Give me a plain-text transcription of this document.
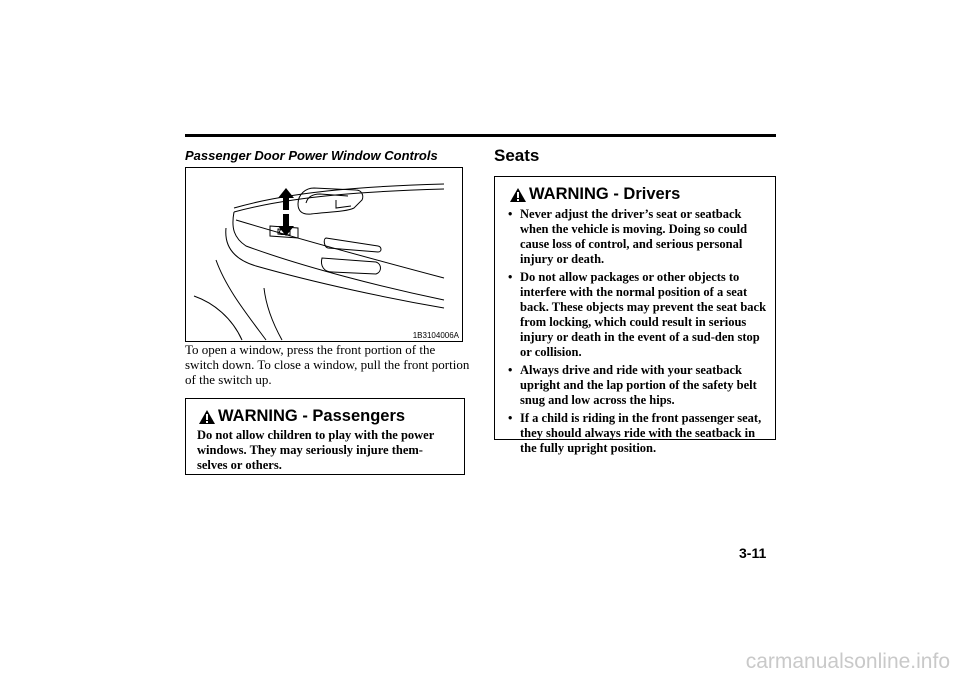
Passenger Door Power Window Controls
1B3104006A

To open a window, press the front portion of the switch down. To close a window, pull the front portion of the switch up.

WARNING - Passengers

Do not allow children to play with the power windows. They may seriously injure them-selves or others.

Seats
WARNING - Drivers
• Never adjust the driver’s seat or seatback when the vehicle is moving. Doing so could cause loss of control, and serious personal injury or death.
• Do not allow packages or other objects to interfere with the normal position of a seat back. These objects may prevent the seat back from locking, which could result in serious injury or death in the event of a sud-den stop or collision.
• Always drive and ride with your seatback upright and the lap portion of the safety belt snug and low across the hips.
• If a child is riding in the front passenger seat, they should always ride with the seatback in the fully upright position.
3-11
carmanualsonline.info
